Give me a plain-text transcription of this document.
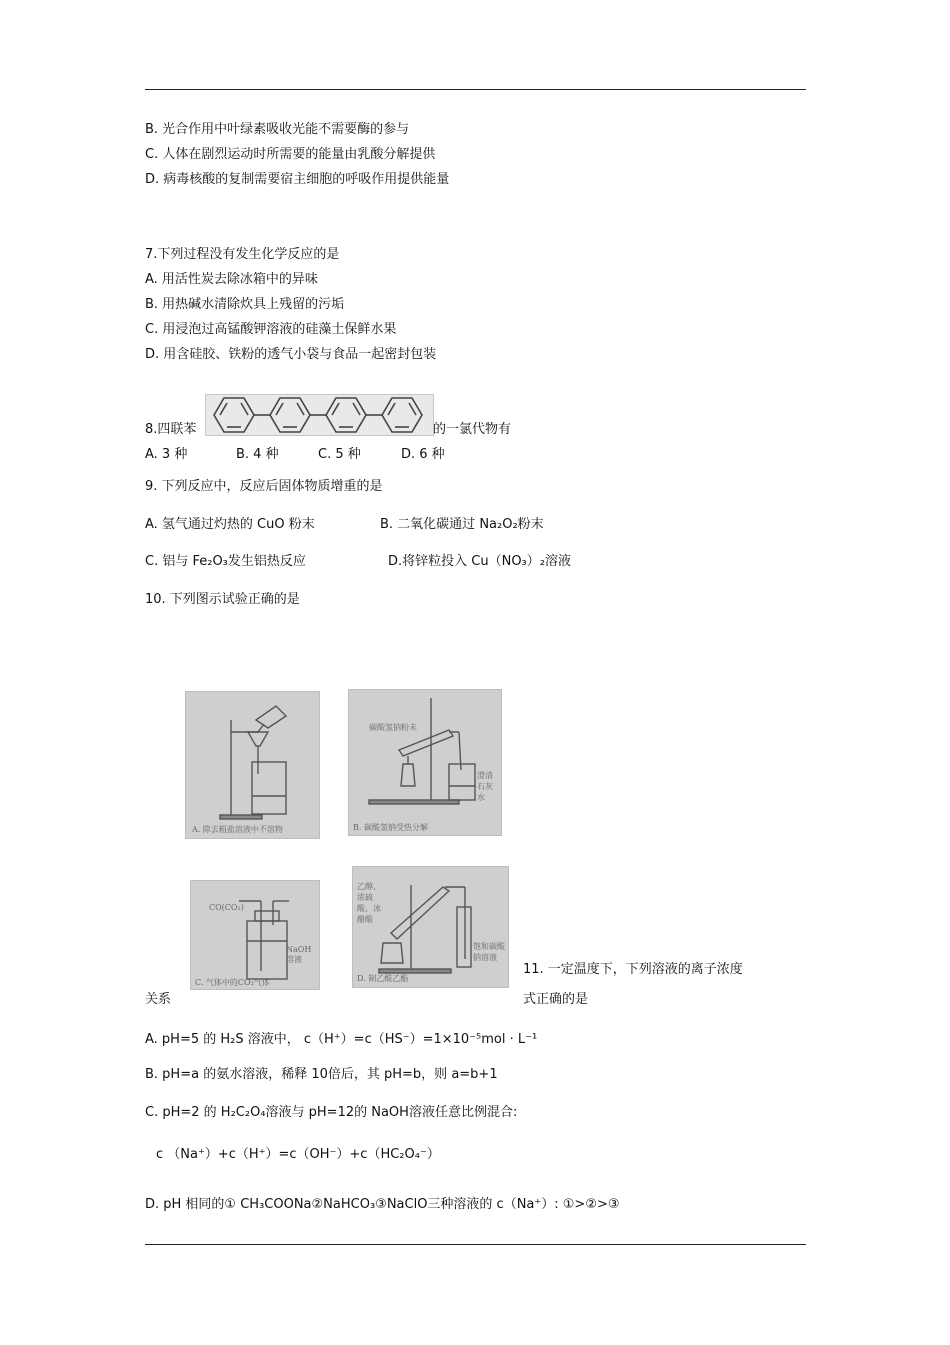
B. 光合作用中叶绿素吸收光能不需要酶的参与
C. 人体在剧烈运动时所需要的能量由乳酸分解提供
D. 病毒核酸的复制需要宿主细胞的呼吸作用提供能量
7.下列过程没有发生化学反应的是
A. 用活性炭去除冰箱中的异味
B. 用热碱水清除炊具上残留的污垢
C. 用浸泡过高锰酸钾溶液的硅藻土保鲜水果
D. 用含硅胶、铁粉的透气小袋与食品一起密封包装
8.四联苯	的一氯代物有
A. 3 种	B. 4 种	C. 5 种	D. 6 种
9. 下列反应中，反应后固体物质增重的是
A. 氢气通过灼热的 CuO 粉末	B. 二氧化碳通过 Na₂O₂粉末
C. 铝与 Fe₂O₃发生铝热反应	D.将锌粒投入 Cu（NO₃）₂溶液
10. 下列图示试验正确的是
A. 除去粗盐溶液中不溶物
碳酸氢钠粉末
澄清石灰水
B. 碳酸氢钠受热分解
CO(CO₂)
NaOH溶液
C. 气体中的CO₂气体
乙醇、浓硫酸、冰醋酸
饱和碳酸钠溶液
D. 制乙酸乙酯
11. 一定温度下，下列溶液的离子浓度
关系	式正确的是
A. pH=5 的 H₂S 溶液中， c（H⁺）=c（HS⁻）=1×10⁻⁵mol · L⁻¹
B. pH=a 的氨水溶液，稀释 10倍后，其 pH=b，则 a=b+1
C. pH=2 的 H₂C₂O₄溶液与 pH=12的 NaOH溶液任意比例混合:
c （Na⁺）+c（H⁺）=c（OH⁻）+c（HC₂O₄⁻）
D. pH 相同的① CH₃COONa②NaHCO₃③NaClO三种溶液的 c（Na⁺）: ①>②>③
